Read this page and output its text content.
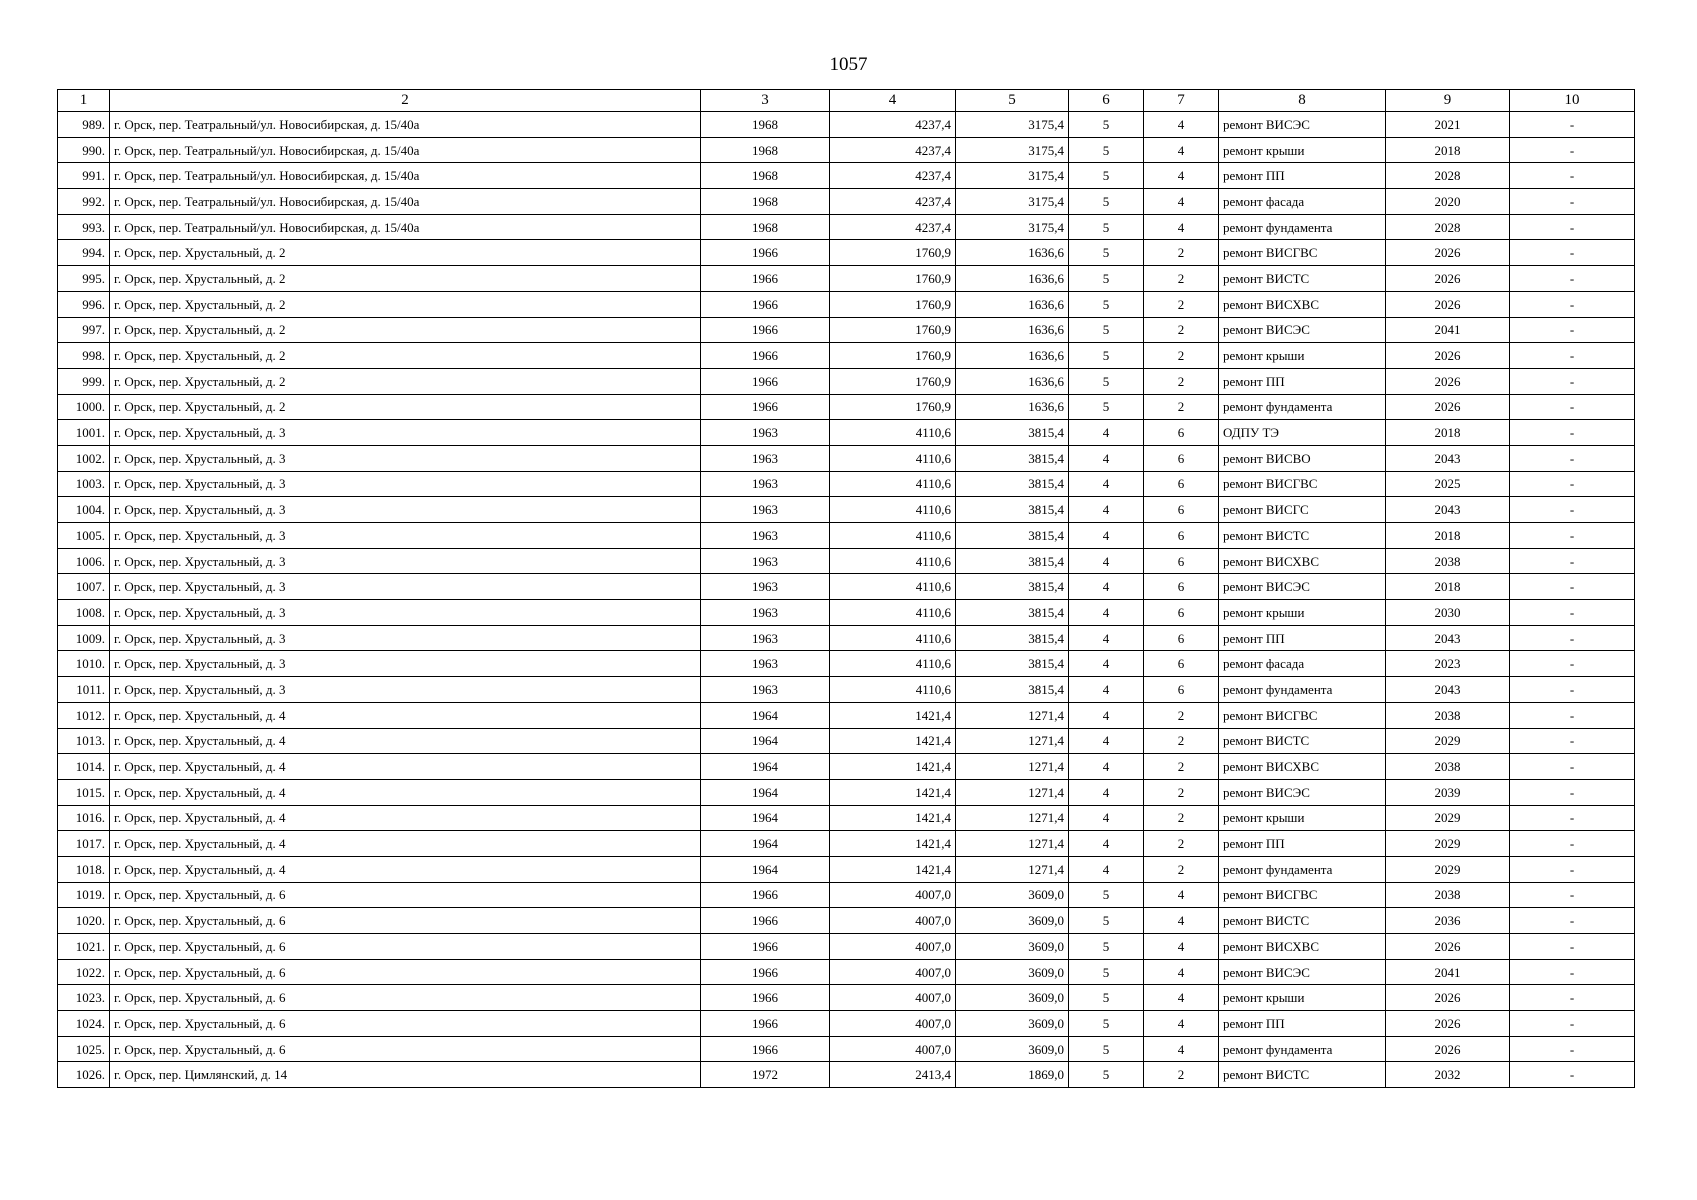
1057
1	2	3	4	5	6	7	8	9	10
989.	г. Орск, пер. Театральный/ул. Новосибирская, д. 15/40а	1968	4237,4	3175,4	5	4	ремонт ВИСЭС	2021	-
990.	г. Орск, пер. Театральный/ул. Новосибирская, д. 15/40а	1968	4237,4	3175,4	5	4	ремонт крыши	2018	-
991.	г. Орск, пер. Театральный/ул. Новосибирская, д. 15/40а	1968	4237,4	3175,4	5	4	ремонт ПП	2028	-
992.	г. Орск, пер. Театральный/ул. Новосибирская, д. 15/40а	1968	4237,4	3175,4	5	4	ремонт фасада	2020	-
993.	г. Орск, пер. Театральный/ул. Новосибирская, д. 15/40а	1968	4237,4	3175,4	5	4	ремонт фундамента	2028	-
994.	г. Орск, пер. Хрустальный, д. 2	1966	1760,9	1636,6	5	2	ремонт ВИСГВС	2026	-
995.	г. Орск, пер. Хрустальный, д. 2	1966	1760,9	1636,6	5	2	ремонт ВИСТС	2026	-
996.	г. Орск, пер. Хрустальный, д. 2	1966	1760,9	1636,6	5	2	ремонт ВИСХВС	2026	-
997.	г. Орск, пер. Хрустальный, д. 2	1966	1760,9	1636,6	5	2	ремонт ВИСЭС	2041	-
998.	г. Орск, пер. Хрустальный, д. 2	1966	1760,9	1636,6	5	2	ремонт крыши	2026	-
999.	г. Орск, пер. Хрустальный, д. 2	1966	1760,9	1636,6	5	2	ремонт ПП	2026	-
1000.	г. Орск, пер. Хрустальный, д. 2	1966	1760,9	1636,6	5	2	ремонт фундамента	2026	-
1001.	г. Орск, пер. Хрустальный, д. 3	1963	4110,6	3815,4	4	6	ОДПУ ТЭ	2018	-
1002.	г. Орск, пер. Хрустальный, д. 3	1963	4110,6	3815,4	4	6	ремонт ВИСВО	2043	-
1003.	г. Орск, пер. Хрустальный, д. 3	1963	4110,6	3815,4	4	6	ремонт ВИСГВС	2025	-
1004.	г. Орск, пер. Хрустальный, д. 3	1963	4110,6	3815,4	4	6	ремонт ВИСГС	2043	-
1005.	г. Орск, пер. Хрустальный, д. 3	1963	4110,6	3815,4	4	6	ремонт ВИСТС	2018	-
1006.	г. Орск, пер. Хрустальный, д. 3	1963	4110,6	3815,4	4	6	ремонт ВИСХВС	2038	-
1007.	г. Орск, пер. Хрустальный, д. 3	1963	4110,6	3815,4	4	6	ремонт ВИСЭС	2018	-
1008.	г. Орск, пер. Хрустальный, д. 3	1963	4110,6	3815,4	4	6	ремонт крыши	2030	-
1009.	г. Орск, пер. Хрустальный, д. 3	1963	4110,6	3815,4	4	6	ремонт ПП	2043	-
1010.	г. Орск, пер. Хрустальный, д. 3	1963	4110,6	3815,4	4	6	ремонт фасада	2023	-
1011.	г. Орск, пер. Хрустальный, д. 3	1963	4110,6	3815,4	4	6	ремонт фундамента	2043	-
1012.	г. Орск, пер. Хрустальный, д. 4	1964	1421,4	1271,4	4	2	ремонт ВИСГВС	2038	-
1013.	г. Орск, пер. Хрустальный, д. 4	1964	1421,4	1271,4	4	2	ремонт ВИСТС	2029	-
1014.	г. Орск, пер. Хрустальный, д. 4	1964	1421,4	1271,4	4	2	ремонт ВИСХВС	2038	-
1015.	г. Орск, пер. Хрустальный, д. 4	1964	1421,4	1271,4	4	2	ремонт ВИСЭС	2039	-
1016.	г. Орск, пер. Хрустальный, д. 4	1964	1421,4	1271,4	4	2	ремонт крыши	2029	-
1017.	г. Орск, пер. Хрустальный, д. 4	1964	1421,4	1271,4	4	2	ремонт ПП	2029	-
1018.	г. Орск, пер. Хрустальный, д. 4	1964	1421,4	1271,4	4	2	ремонт фундамента	2029	-
1019.	г. Орск, пер. Хрустальный, д. 6	1966	4007,0	3609,0	5	4	ремонт ВИСГВС	2038	-
1020.	г. Орск, пер. Хрустальный, д. 6	1966	4007,0	3609,0	5	4	ремонт ВИСТС	2036	-
1021.	г. Орск, пер. Хрустальный, д. 6	1966	4007,0	3609,0	5	4	ремонт ВИСХВС	2026	-
1022.	г. Орск, пер. Хрустальный, д. 6	1966	4007,0	3609,0	5	4	ремонт ВИСЭС	2041	-
1023.	г. Орск, пер. Хрустальный, д. 6	1966	4007,0	3609,0	5	4	ремонт крыши	2026	-
1024.	г. Орск, пер. Хрустальный, д. 6	1966	4007,0	3609,0	5	4	ремонт ПП	2026	-
1025.	г. Орск, пер. Хрустальный, д. 6	1966	4007,0	3609,0	5	4	ремонт фундамента	2026	-
1026.	г. Орск, пер. Цимлянский, д. 14	1972	2413,4	1869,0	5	2	ремонт ВИСТС	2032	-
